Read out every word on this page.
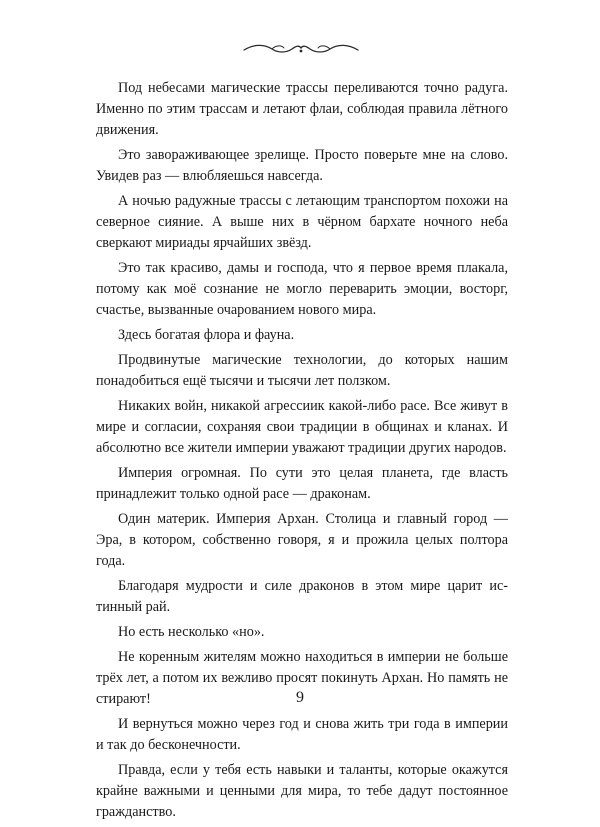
Под небесами магические трассы переливаются точно радуга. Именно по этим трассам и летают флаи, соблюдая правила лётного движения.

Это завораживающее зрелище. Просто поверьте мне на слово. Увидев раз — влюбляешься навсегда.

А ночью радужные трассы с летающим транспортом похожи на северное сияние. А выше них в чёрном бархате ночного неба сверкают мириады ярчайших звёзд.

Это так красиво, дамы и господа, что я первое время плакала, потому как моё сознание не могло переварить эмоции, восторг, счастье, вызванные очарованием нового мира.

Здесь богатая флора и фауна.

Продвинутые магические технологии, до которых нашим понадобиться ещё тысячи и тысячи лет ползком.

Никаких войн, никакой агрессиик какой-либо расе. Все живут в мире и согласии, сохраняя свои традиции в общинах и кланах. И абсолютно все жители империи уважают традиции других народов.

Империя огромная. По сути это целая планета, где власть принадлежит только одной расе — драконам.

Один материк. Империя Архан. Столица и главный город — Эра, в котором, собственно говоря, я и прожила целых полтора года.

Благодаря мудрости и силе драконов в этом мире царит истинный рай.

Но есть несколько «но».

Не коренным жителям можно находиться в империи не больше трёх лет, а потом их вежливо просят покинуть Архан. Но память не стирают!

И вернуться можно через год и снова жить три года в империи и так до бесконечности.

Правда, если у тебя есть навыки и таланты, которые окажутся крайне важными и ценными для мира, то тебе дадут постоянное гражданство.

9
